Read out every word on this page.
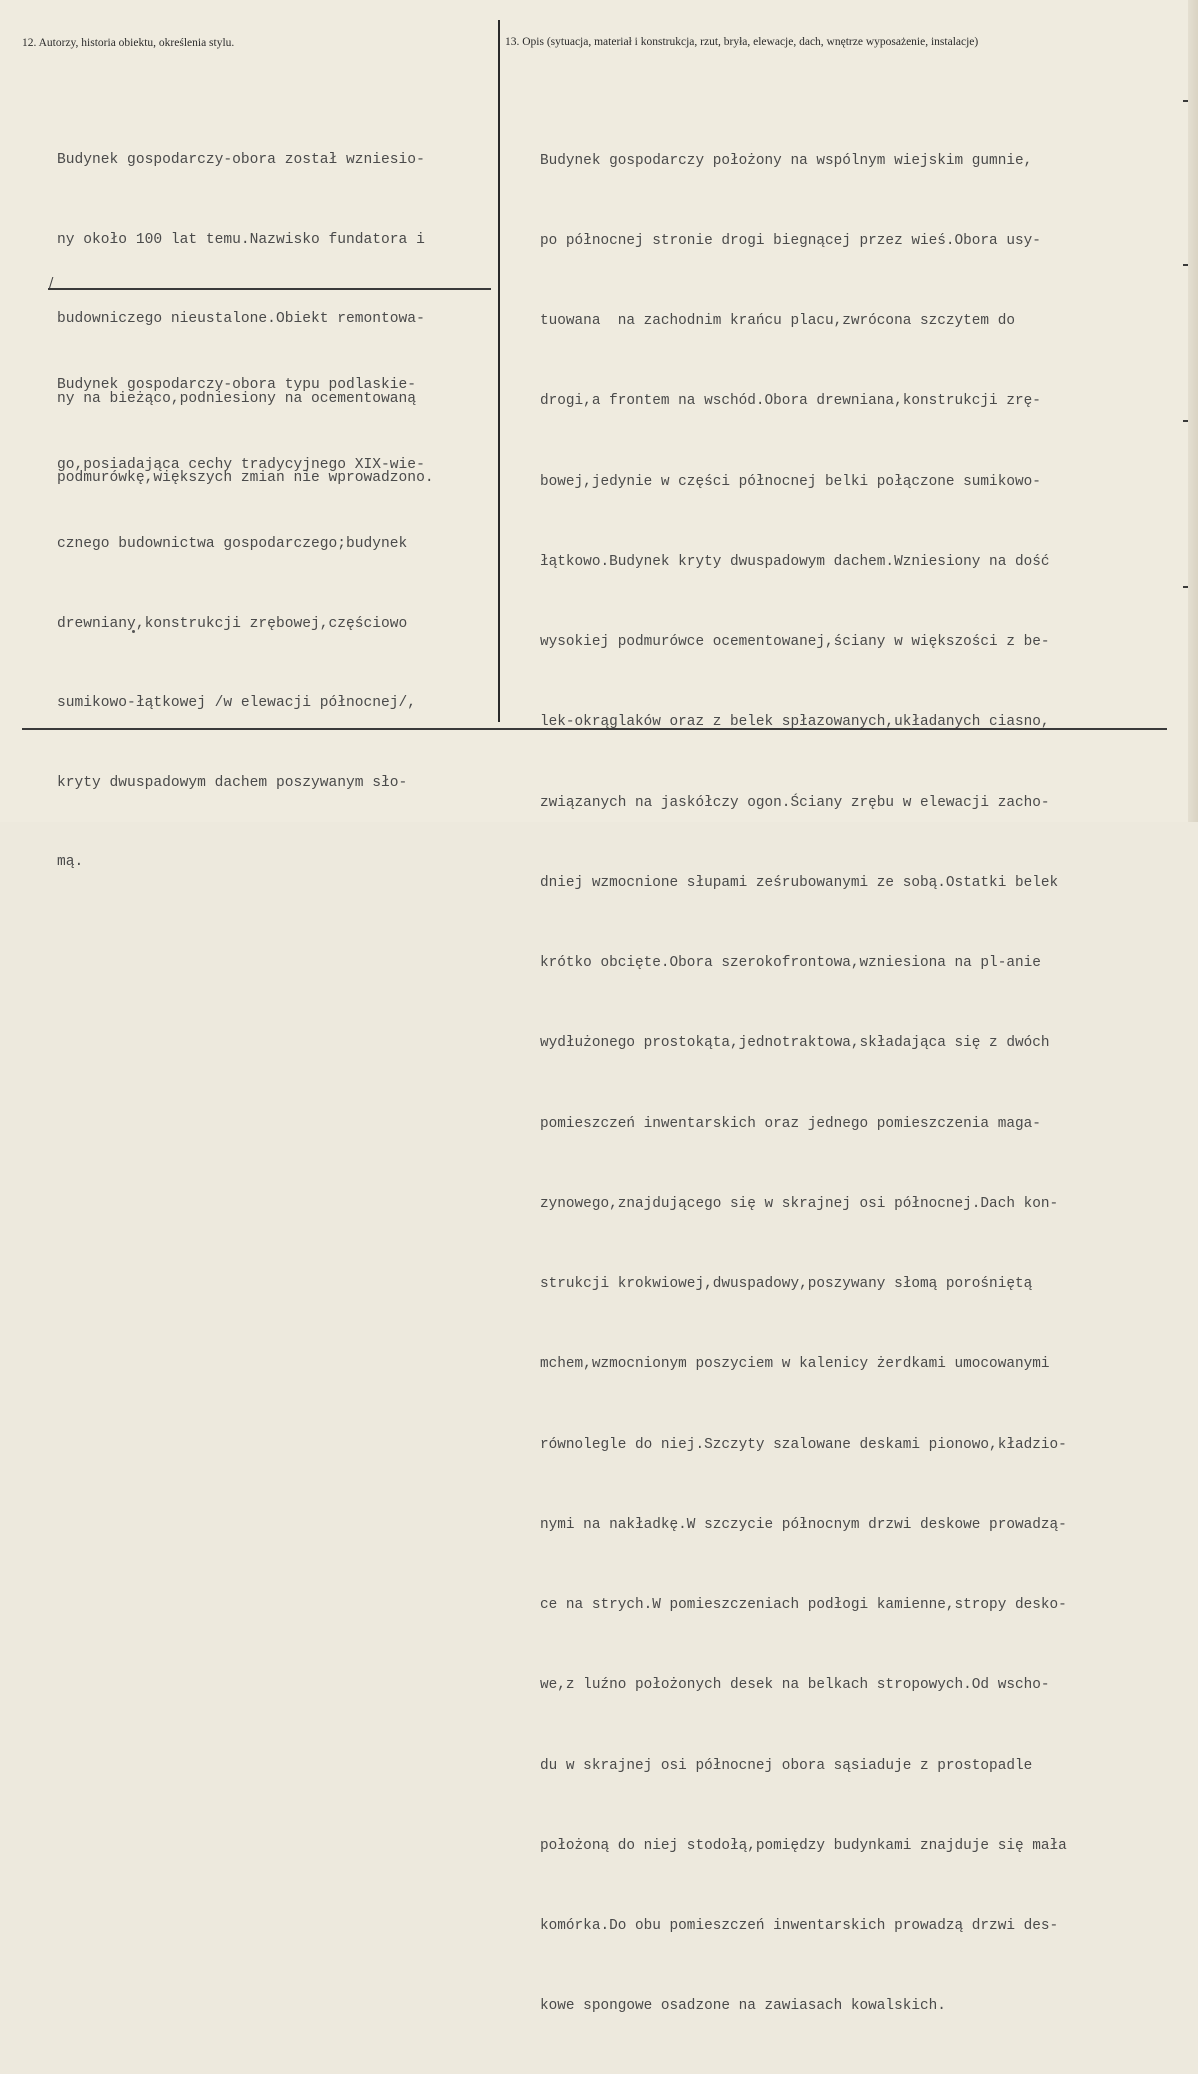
12. Autorzy, historia obiektu, określenia stylu.	13. Opis (sytuacja, materiał i konstrukcja, rzut, bryła, elewacje, dach, wnętrze wyposażenie, instalacje)
/

Budynek gospodarczy-obora został wzniesio-

ny około 100 lat temu.Nazwisko fundatora i

budowniczego nieustalone.Obiekt remontowa-

ny na bieżąco,podniesiony na ocementowaną

podmurówkę,większych zmian nie wprowadzono.

Budynek gospodarczy-obora typu podlaskie-

go,posiadająca cechy tradycyjnego XIX-wie-

cznego budownictwa gospodarczego;budynek

drewniany,konstrukcji zrębowej,częściowo

sumikowo-łątkowej /w elewacji północnej/,

kryty dwuspadowym dachem poszywanym sło-

mą.

Budynek gospodarczy położony na wspólnym wiejskim gumnie,

po północnej stronie drogi biegnącej przez wieś.Obora usy-

tuowana  na zachodnim krańcu placu,zwrócona szczytem do

drogi,a frontem na wschód.Obora drewniana,konstrukcji zrę-

bowej,jedynie w części północnej belki połączone sumikowo-

łątkowo.Budynek kryty dwuspadowym dachem.Wzniesiony na dość

wysokiej podmurówce ocementowanej,ściany w większości z be-

lek-okrąglaków oraz z belek spłazowanych,układanych ciasno,

związanych na jaskółczy ogon.Ściany zrębu w elewacji zacho-

dniej wzmocnione słupami ześrubowanymi ze sobą.Ostatki belek

krótko obcięte.Obora szerokofrontowa,wzniesiona na pl-anie

wydłużonego prostokąta,jednotraktowa,składająca się z dwóch

pomieszczeń inwentarskich oraz jednego pomieszczenia maga-

zynowego,znajdującego się w skrajnej osi północnej.Dach kon-

strukcji krokwiowej,dwuspadowy,poszywany słomą porośniętą

mchem,wzmocnionym poszyciem w kalenicy żerdkami umocowanymi

równolegle do niej.Szczyty szalowane deskami pionowo,kładzio-

nymi na nakładkę.W szczycie północnym drzwi deskowe prowadzą-

ce na strych.W pomieszczeniach podłogi kamienne,stropy desko-

we,z luźno położonych desek na belkach stropowych.Od wscho-

du w skrajnej osi północnej obora sąsiaduje z prostopadle

położoną do niej stodołą,pomiędzy budynkami znajduje się mała

komórka.Do obu pomieszczeń inwentarskich prowadzą drzwi des-

kowe spongowe osadzone na zawiasach kowalskich.
